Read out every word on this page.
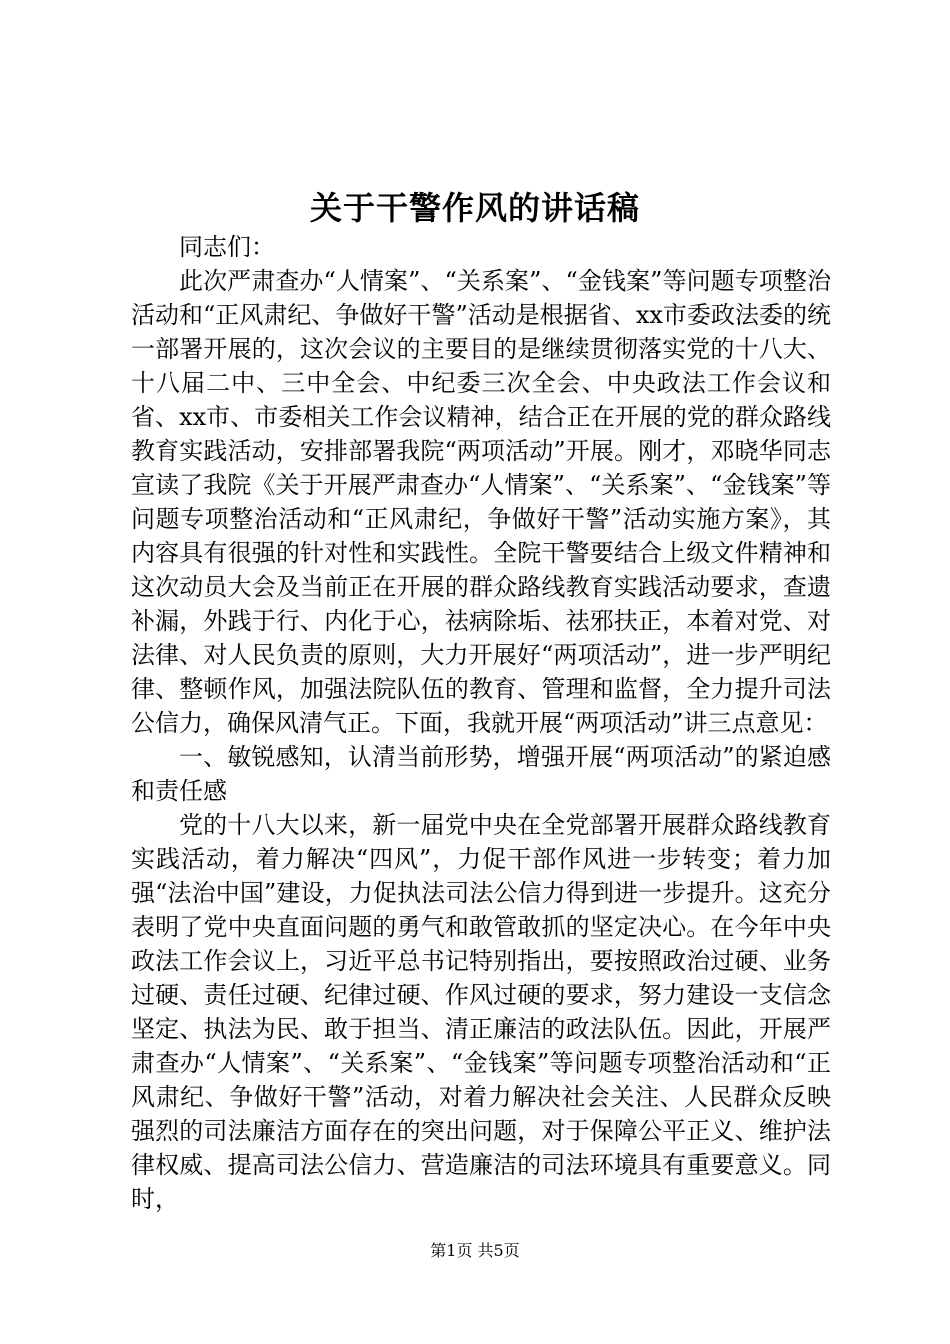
关于干警作风的讲话稿

同志们：

此次严肃查办“人情案”、“关系案”、“金钱案”等问题专项整治活动和“正风肃纪、争做好干警”活动是根据省、xx市委政法委的统一部署开展的，这次会议的主要目的是继续贯彻落实党的十八大、十八届二中、三中全会、中纪委三次全会、中央政法工作会议和省、xx市、市委相关工作会议精神，结合正在开展的党的群众路线教育实践活动，安排部署我院“两项活动”开展。刚才，邓晓华同志宣读了我院《关于开展严肃查办“人情案”、“关系案”、“金钱案”等问题专项整治活动和“正风肃纪，争做好干警”活动实施方案》，其内容具有很强的针对性和实践性。全院干警要结合上级文件精神和这次动员大会及当前正在开展的群众路线教育实践活动要求，查遗补漏，外践于行、内化于心，祛病除垢、祛邪扶正，本着对党、对法律、对人民负责的原则，大力开展好“两项活动”，进一步严明纪律、整顿作风，加强法院队伍的教育、管理和监督，全力提升司法公信力，确保风清气正。下面，我就开展“两项活动”讲三点意见：

一、敏锐感知，认清当前形势，增强开展“两项活动”的紧迫感和责任感

党的十八大以来，新一届党中央在全党部署开展群众路线教育实践活动，着力解决“四风”，力促干部作风进一步转变；着力加强“法治中国”建设，力促执法司法公信力得到进一步提升。这充分表明了党中央直面问题的勇气和敢管敢抓的坚定决心。在今年中央政法工作会议上，习近平总书记特别指出，要按照政治过硬、业务过硬、责任过硬、纪律过硬、作风过硬的要求，努力建设一支信念坚定、执法为民、敢于担当、清正廉洁的政法队伍。因此，开展严肃查办“人情案”、“关系案”、“金钱案”等问题专项整治活动和“正风肃纪、争做好干警”活动，对着力解决社会关注、人民群众反映强烈的司法廉洁方面存在的突出问题，对于保障公平正义、维护法律权威、提高司法公信力、营造廉洁的司法环境具有重要意义。同时，

第1页 共5页
